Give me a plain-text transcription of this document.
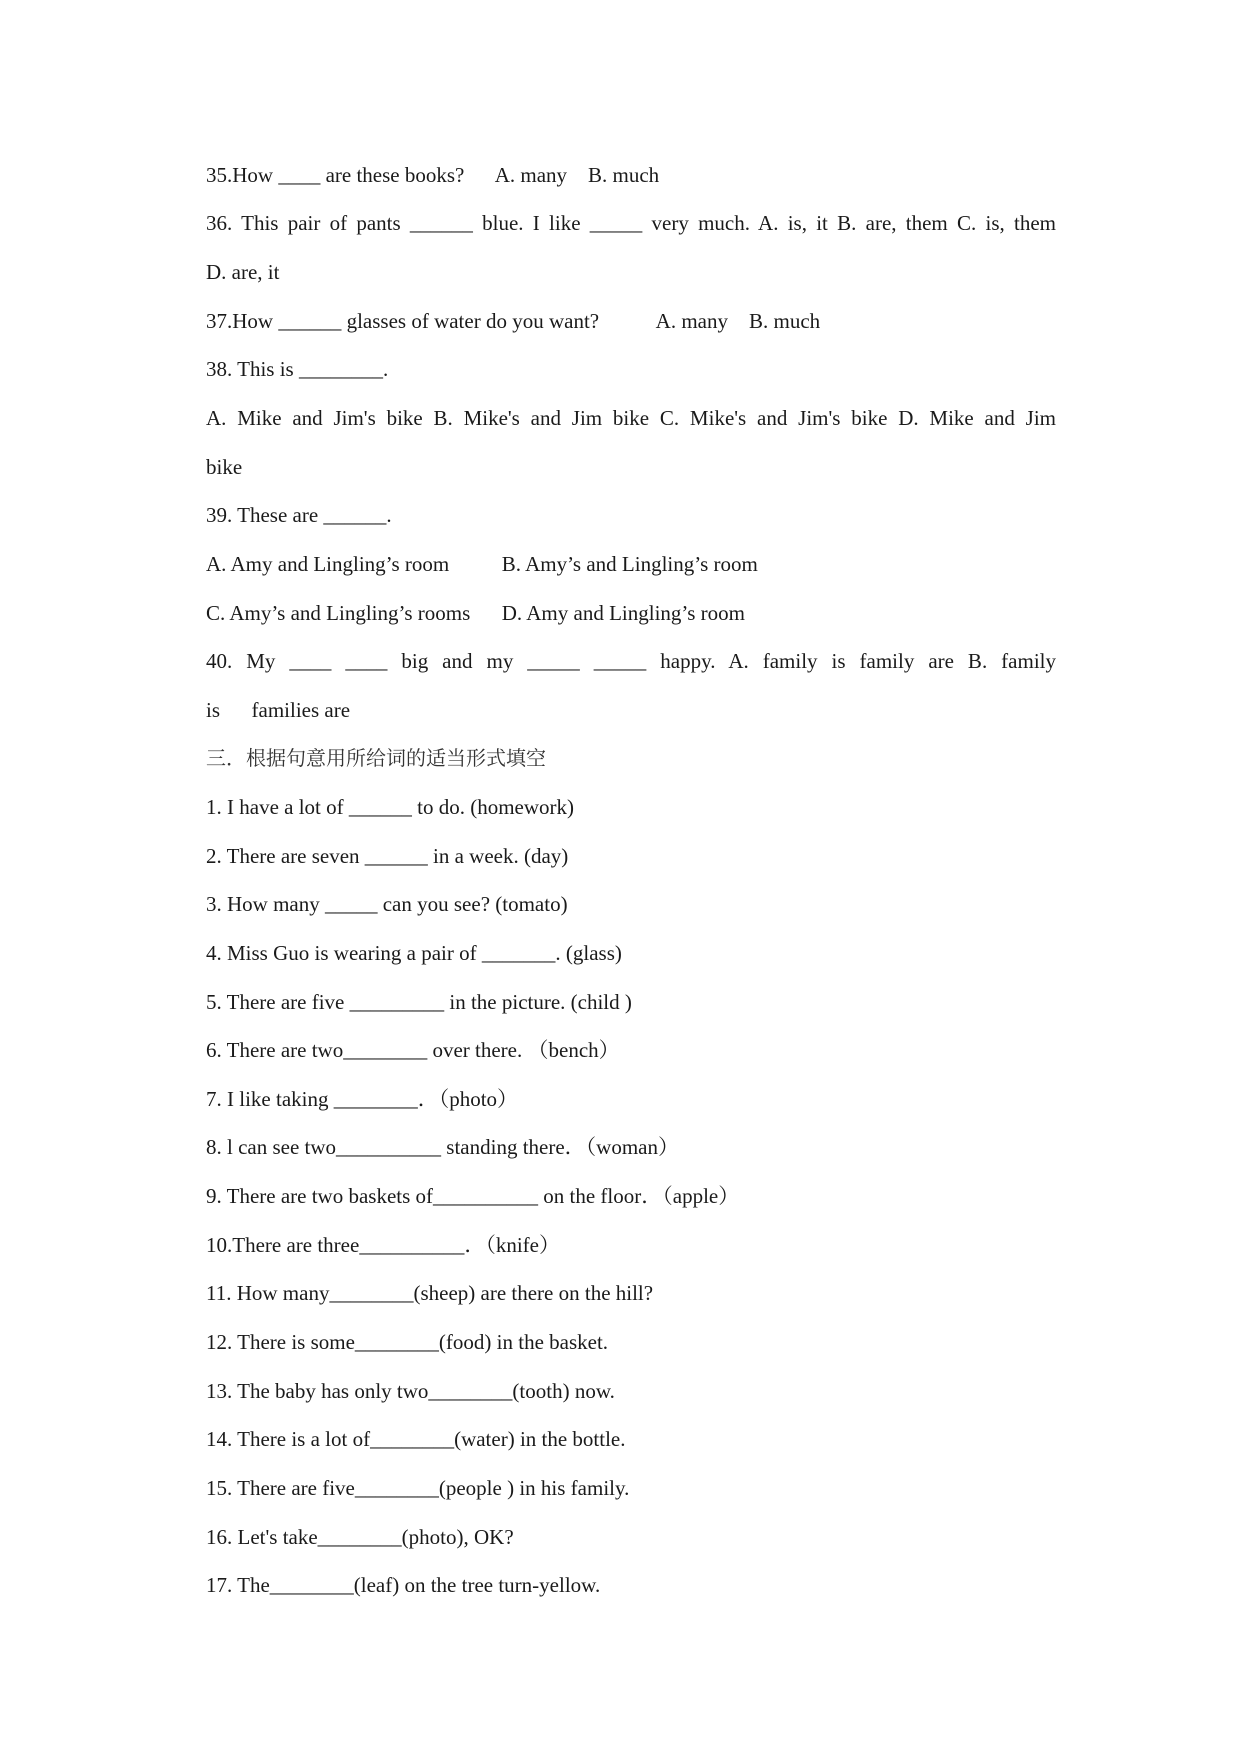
35.How ____ are these books?      A. many    B. much
36. This pair of pants ______ blue. I like _____ very much. A. is, it B. are, them C. is, them
D. are, it
37.How ______ glasses of water do you want?           A. many    B. much
38. This is ________.
A. Mike and Jim's bike B. Mike's and Jim bike C. Mike's and Jim's bike D. Mike and Jim
bike
39. These are ______.
A. Amy and Lingling’s room          B. Amy’s and Lingling’s room
C. Amy’s and Lingling’s rooms      D. Amy and Lingling’s room
40. My ____ ____ big and my _____ _____ happy. A. family is family are B. family
is      families are
三．根据句意用所给词的适当形式填空
1. I have a lot of ______ to do. (homework)
2. There are seven ______ in a week. (day)
3. How many _____ can you see? (tomato)
4. Miss Guo is wearing a pair of _______. (glass)
5. There are five _________ in the picture. (child )
6. There are two________ over there. （bench）
7. I like taking ________．（photo）
8. l can see two__________ standing there．（woman）
9. There are two baskets of__________ on the floor．（apple）
10.There are three__________．（knife）
11. How many________(sheep) are there on the hill?
12. There is some________(food) in the basket.
13. The baby has only two________(tooth) now.
14. There is a lot of________(water) in the bottle.
15. There are five________(people ) in his family.
16. Let's take________(photo), OK?
17. The________(leaf) on the tree turn-yellow.
